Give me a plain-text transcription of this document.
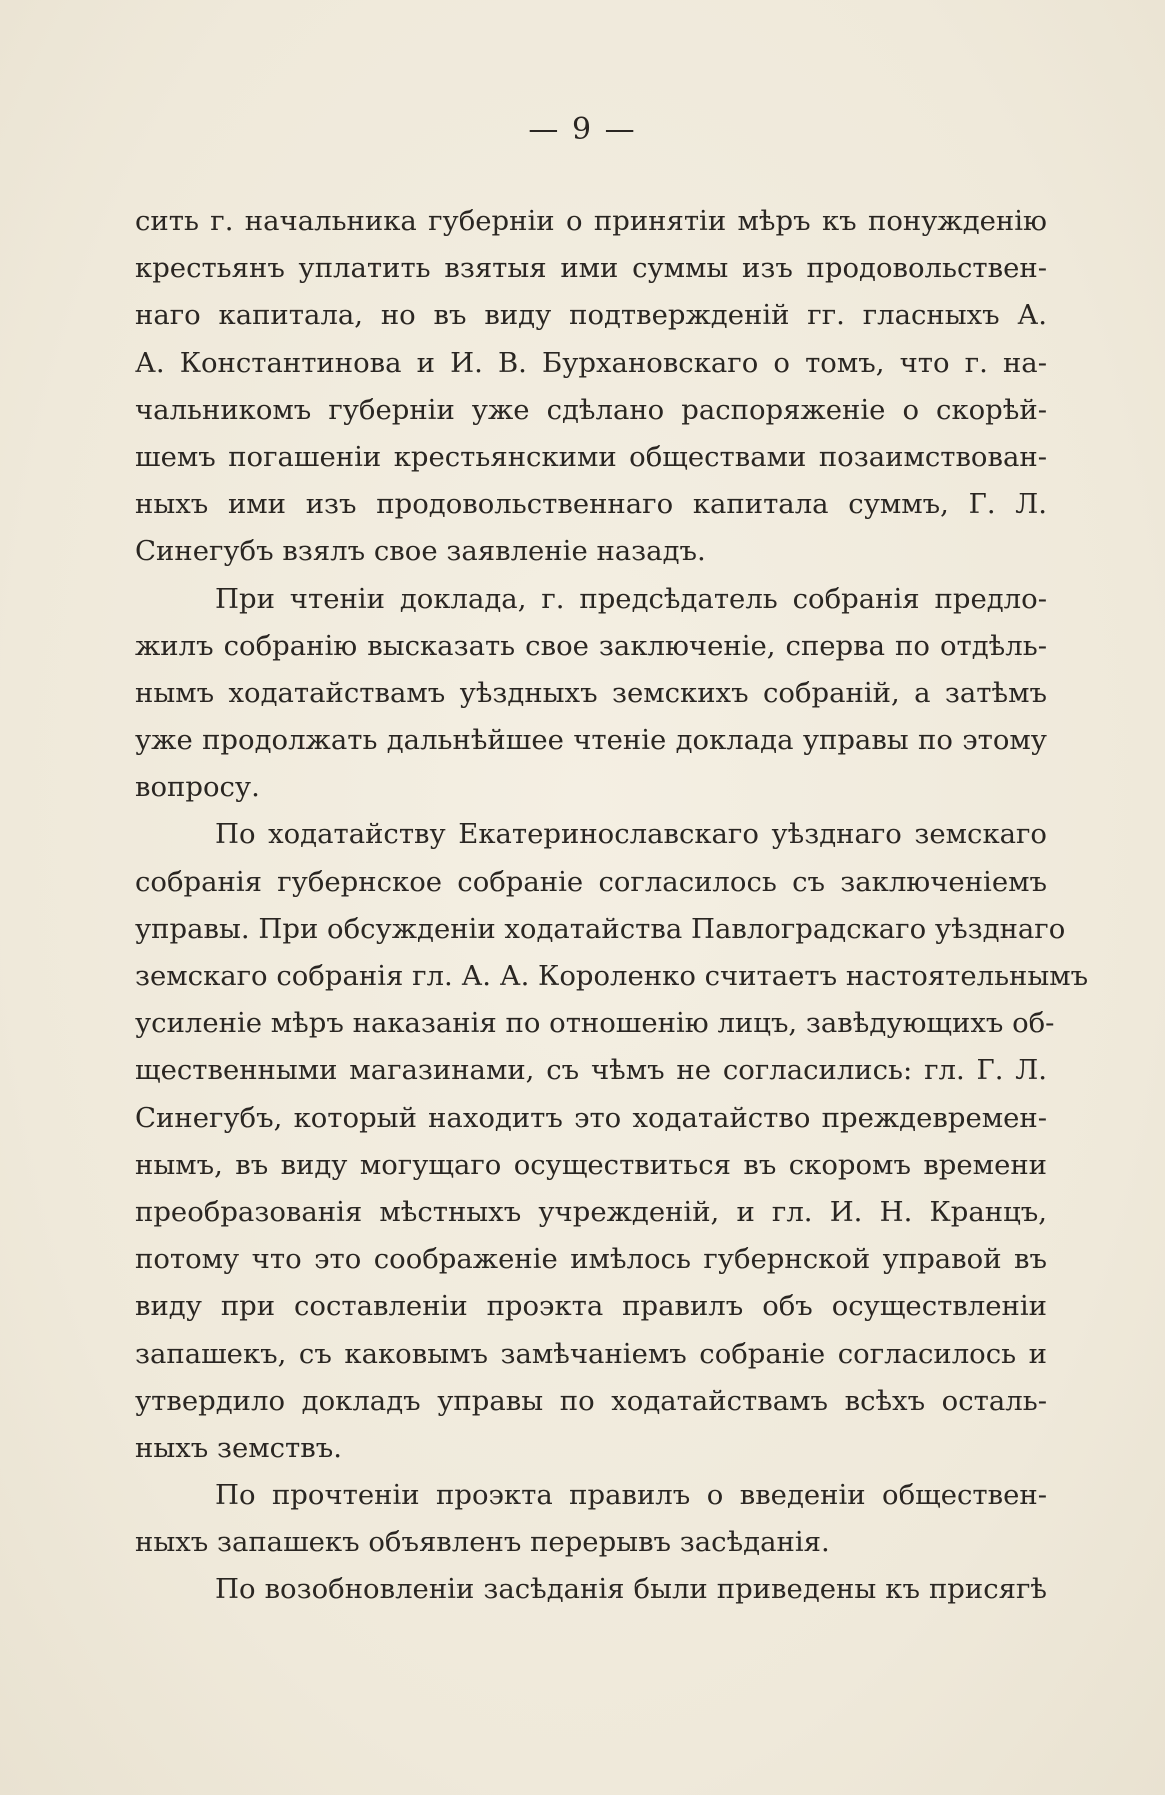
— 9 —
сить г. начальника губерніи о принятіи мѣръ къ понужденію
крестьянъ уплатить взятыя ими суммы изъ продовольствен-
наго капитала, но въ виду подтвержденій гг. гласныхъ А.
А. Константинова и И. В. Бурхановскаго о томъ, что г. на-
чальникомъ губерніи уже сдѣлано распоряженіе о скорѣй-
шемъ погашеніи крестьянскими обществами позаимствован-
ныхъ ими изъ продовольственнаго капитала суммъ, Г. Л.
Синегубъ взялъ свое заявленіе назадъ.
При чтеніи доклада, г. предсѣдатель собранія предло-
жилъ собранію высказать свое заключеніе, сперва по отдѣль-
нымъ ходатайствамъ уѣздныхъ земскихъ собраній, а затѣмъ
уже продолжать дальнѣйшее чтеніе доклада управы по этому
вопросу.
По ходатайству Екатеринославскаго уѣзднаго земскаго
собранія губернское собраніе согласилось съ заключеніемъ
управы. При обсужденіи ходатайства Павлоградскаго уѣзднаго
земскаго собранія гл. А. А. Короленко считаетъ настоятельнымъ
усиленіе мѣръ наказанія по отношенію лицъ, завѣдующихъ об-
щественными магазинами, съ чѣмъ не согласились: гл. Г. Л.
Синегубъ, который находитъ это ходатайство преждевремен-
нымъ, въ виду могущаго осуществиться въ скоромъ времени
преобразованія мѣстныхъ учрежденій, и гл. И. Н. Кранцъ,
потому что это соображеніе имѣлось губернской управой въ
виду при составленіи проэкта правилъ объ осуществленіи
запашекъ, съ каковымъ замѣчаніемъ собраніе согласилось и
утвердило докладъ управы по ходатайствамъ всѣхъ осталь-
ныхъ земствъ.
По прочтеніи проэкта правилъ о введеніи обществен-
ныхъ запашекъ объявленъ перерывъ засѣданія.
По возобновленіи засѣданія были приведены къ присягѣ
